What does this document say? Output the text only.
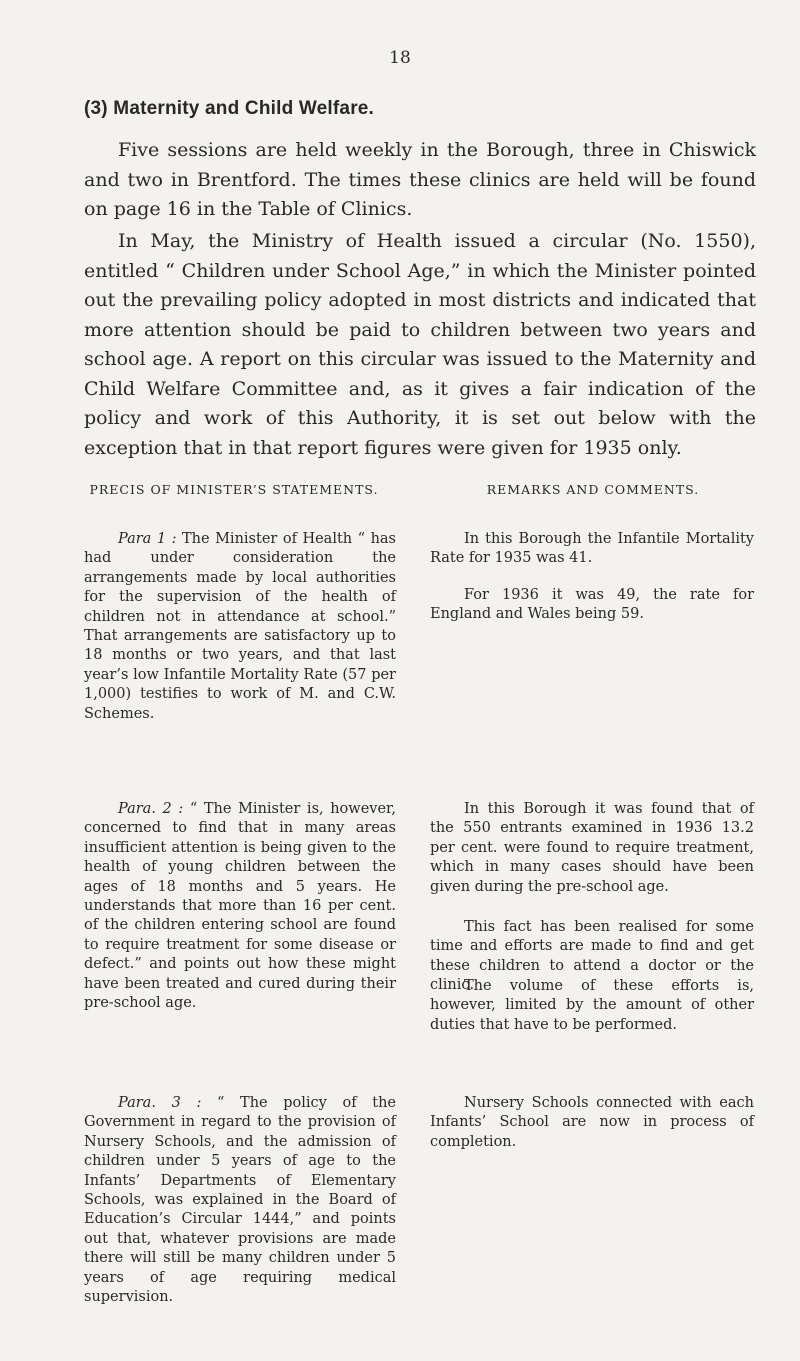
18
(3) Maternity and Child Welfare.

Five sessions are held weekly in the Borough, three in Chiswick and two in Brentford. The times these clinics are held will be found on page 16 in the Table of Clinics.

In May, the Ministry of Health issued a circular (No. 1550), entitled “ Children under School Age,” in which the Minister pointed out the prevailing policy adopted in most districts and indicated that more attention should be paid to children between two years and school age. A report on this circular was issued to the Maternity and Child Welfare Committee and, as it gives a fair indication of the policy and work of this Authority, it is set out below with the exception that in that report figures were given for 1935 only.

PRECIS OF MINISTER’S STATEMENTS.	REMARKS AND COMMENTS.

Para 1 : The Minister of Health “ has had under consideration the arrangements made by local authorities for the supervision of the health of children not in attendance at school.” That arrangements are satisfactory up to 18 months or two years, and that last year’s low Infantile Mortality Rate (57 per 1,000) testifies to work of M. and C.W. Schemes.

In this Borough the Infantile Mortality Rate for 1935 was 41.

For 1936 it was 49, the rate for England and Wales being 59.

Para. 2 : “ The Minister is, however, concerned to find that in many areas insufficient attention is being given to the health of young children between the ages of 18 months and 5 years. He understands that more than 16 per cent. of the children entering school are found to require treatment for some disease or defect.” and points out how these might have been treated and cured during their pre-school age.

In this Borough it was found that of the 550 entrants examined in 1936 13.2 per cent. were found to require treatment, which in many cases should have been given during the pre-school age.

This fact has been realised for some time and efforts are made to find and get these children to attend a doctor or the clinic.

The volume of these efforts is, however, limited by the amount of other duties that have to be performed.

Para. 3 : “ The policy of the Government in regard to the provision of Nursery Schools, and the admission of children under 5 years of age to the Infants’ Departments of Elementary Schools, was explained in the Board of Education’s Circular 1444,” and points out that, whatever provisions are made there will still be many children under 5 years of age requiring medical supervision.

Nursery Schools connected with each Infants’ School are now in process of completion.
